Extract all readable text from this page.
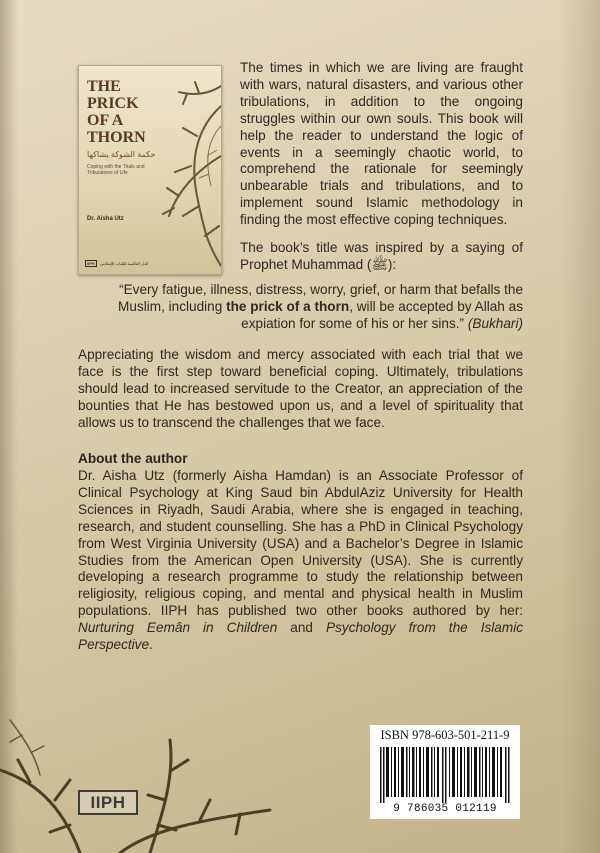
THE
PRICK
OF A
THORN
حكمة الشوكة يشاكها
Coping with the Trials and Tribulations of Life
Dr. Aisha Utz
IIPH	الدار العالمية للكتاب الإسلامي
The times in which we are living are fraught with wars, natural disasters, and various other tribulations, in addition to the ongoing struggles within our own souls. This book will help the reader to understand the logic of events in a seemingly chaotic world, to comprehend the rationale for seemingly unbearable trials and tribulations, and to implement sound Islamic methodology in finding the most effective coping techniques.
The book’s title was inspired by a saying of Prophet Muhammad (ﷺ):
“Every fatigue, illness, distress, worry, grief, or harm that befalls the Muslim, including the prick of a thorn, will be accepted by Allah as expiation for some of his or her sins.” (Bukhari)
Appreciating the wisdom and mercy associated with each trial that we face is the first step toward beneficial coping. Ultimately, tribulations should lead to increased servitude to the Creator, an appreciation of the bounties that He has bestowed upon us, and a level of spirituality that allows us to transcend the challenges that we face.
About the author
Dr. Aisha Utz (formerly Aisha Hamdan) is an Associate Professor of Clinical Psychology at King Saud bin AbdulAziz University for Health Sciences in Riyadh, Saudi Arabia, where she is engaged in teaching, research, and student counselling. She has a PhD in Clinical Psychology from West Virginia University (USA) and a Bachelor’s Degree in Islamic Studies from the American Open University (USA). She is currently developing a research programme to study the relationship between religiosity, religious coping, and mental and physical health in Muslim populations. IIPH has published two other books authored by her: Nurturing Eemân in Children and Psychology from the Islamic Perspective.
IIPH
ISBN 978-603-501-211-9
9 786035 012119
